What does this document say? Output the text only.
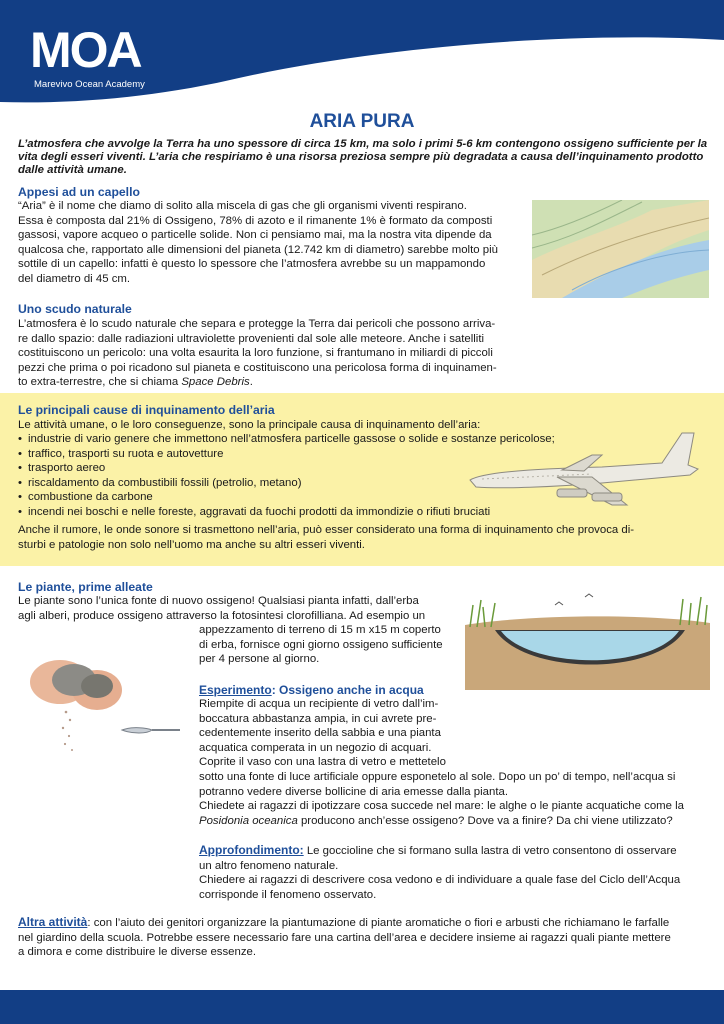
MOA
Marevivo Ocean Academy
ARIA PURA

L’atmosfera che avvolge la Terra ha uno spessore di circa 15 km, ma solo i primi 5-6 km contengono ossigeno sufficiente per la vita degli esseri viventi. L’aria che respiriamo è una risorsa preziosa sempre più degradata a causa dell’inquinamento prodotto dalle attività umane.

Appesi ad un capello
“Aria” è il nome che diamo di solito alla miscela di gas che gli organismi viventi respirano.
Essa è composta dal 21% di Ossigeno, 78% di azoto e il rimanente 1% è formato da composti
gassosi, vapore acqueo o particelle solide. Non ci pensiamo mai, ma la nostra vita dipende da
qualcosa che, rapportato alle dimensioni del pianeta (12.742 km di diametro) sarebbe molto più
sottile di un capello: infatti è questo lo spessore che l’atmosfera avrebbe su un mappamondo
del diametro di 45 cm.
Uno scudo naturale
L’atmosfera è lo scudo naturale che separa e protegge la Terra dai pericoli che possono arriva-
re dallo spazio: dalle radiazioni ultraviolette provenienti dal sole alle meteore. Anche i satelliti
costituiscono un pericolo: una volta esaurita la loro funzione, si frantumano in miliardi di piccoli
pezzi che prima o poi ricadono sul pianeta e costituiscono una pericolosa forma di inquinamen-
to extra-terrestre, che si chiama Space Debris.
Le principali cause di inquinamento dell’aria
Le attività umane, o le loro conseguenze, sono la principale causa di inquinamento dell’aria:
• industrie di vario genere che immettono nell’atmosfera particelle gassose o solide e sostanze pericolose;
• traffico, trasporti su ruota e autovetture
• trasporto aereo
• riscaldamento da combustibili fossili (petrolio, metano)
• combustione da carbone
• incendi nei boschi e nelle foreste, aggravati da fuochi prodotti da immondizie o rifiuti bruciati
Anche il rumore, le onde sonore si trasmettono nell’aria, può esser considerato una forma di inquinamento che provoca di-
sturbi e patologie non solo nell’uomo ma anche su altri esseri viventi.
Le piante, prime alleate
Le piante sono l’unica fonte di nuovo ossigeno! Qualsiasi pianta infatti, dall’erba
agli alberi, produce ossigeno attraverso la fotosintesi clorofilliana. Ad esempio un
appezzamento di terreno di 15 m x15 m coperto
di erba, fornisce ogni giorno ossigeno sufficiente
per 4 persone al giorno.
Esperimento: Ossigeno anche in acqua
Riempite di acqua un recipiente di vetro dall’im-
boccatura abbastanza ampia, in cui avrete pre-
cedentemente inserito della sabbia e una pianta
acquatica comperata in un negozio di acquari.
Coprite il vaso con una lastra di vetro e mettetelo
sotto una fonte di luce artificiale oppure esponetelo al sole. Dopo un po’ di tempo, nell’acqua si
potranno vedere diverse bollicine di aria emesse dalla pianta.
Chiedete ai ragazzi di ipotizzare cosa succede nel mare: le alghe o le piante acquatiche come la
Posidonia oceanica producono anch’esse ossigeno? Dove va a finire? Da chi viene utilizzato?
Approfondimento: Le goccioline che si formano sulla lastra di vetro consentono di osservare
un altro fenomeno naturale.
Chiedere ai ragazzi di descrivere cosa vedono e di individuare a quale fase del Ciclo dell’Acqua
corrisponde il fenomeno osservato.
Altra attività: con l’aiuto dei genitori organizzare la piantumazione di piante aromatiche o fiori e arbusti che richiamano le farfalle
nel giardino della scuola. Potrebbe essere necessario fare una cartina dell’area e decidere insieme ai ragazzi quali piante mettere
a dimora e come distribuire le diverse essenze.
